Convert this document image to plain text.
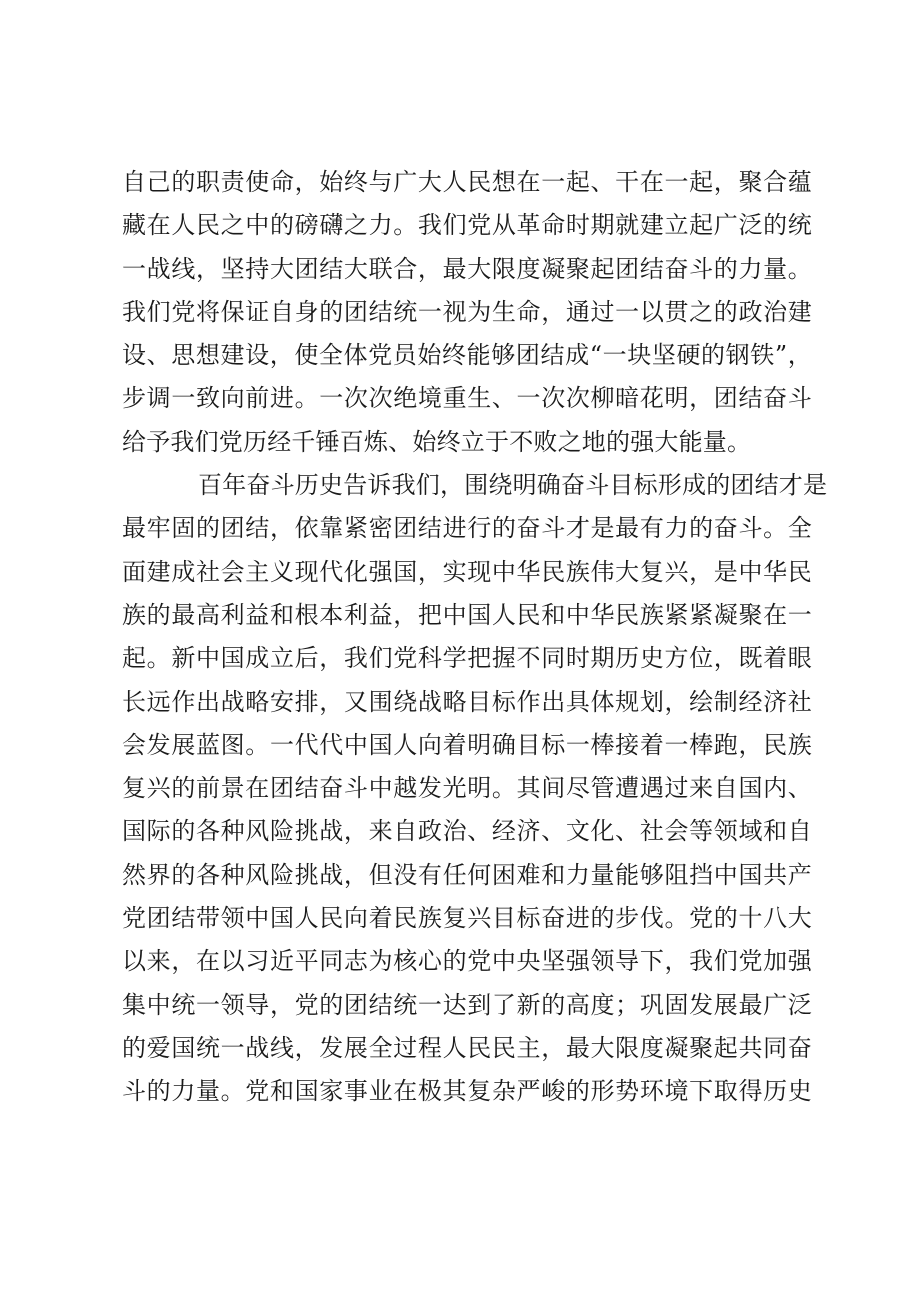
自己的职责使命，始终与广大人民想在一起、干在一起，聚合蕴
藏在人民之中的磅礴之力。我们党从革命时期就建立起广泛的统
一战线，坚持大团结大联合，最大限度凝聚起团结奋斗的力量。
我们党将保证自身的团结统一视为生命，通过一以贯之的政治建
设、思想建设，使全体党员始终能够团结成“一块坚硬的钢铁”，
步调一致向前进。一次次绝境重生、一次次柳暗花明，团结奋斗
给予我们党历经千锤百炼、始终立于不败之地的强大能量。
百年奋斗历史告诉我们，围绕明确奋斗目标形成的团结才是
最牢固的团结，依靠紧密团结进行的奋斗才是最有力的奋斗。全
面建成社会主义现代化强国，实现中华民族伟大复兴，是中华民
族的最高利益和根本利益，把中国人民和中华民族紧紧凝聚在一
起。新中国成立后，我们党科学把握不同时期历史方位，既着眼
长远作出战略安排，又围绕战略目标作出具体规划，绘制经济社
会发展蓝图。一代代中国人向着明确目标一棒接着一棒跑，民族
复兴的前景在团结奋斗中越发光明。其间尽管遭遇过来自国内、
国际的各种风险挑战，来自政治、经济、文化、社会等领域和自
然界的各种风险挑战，但没有任何困难和力量能够阻挡中国共产
党团结带领中国人民向着民族复兴目标奋进的步伐。党的十八大
以来，在以习近平同志为核心的党中央坚强领导下，我们党加强
集中统一领导，党的团结统一达到了新的高度；巩固发展最广泛
的爱国统一战线，发展全过程人民民主，最大限度凝聚起共同奋
斗的力量。党和国家事业在极其复杂严峻的形势环境下取得历史
